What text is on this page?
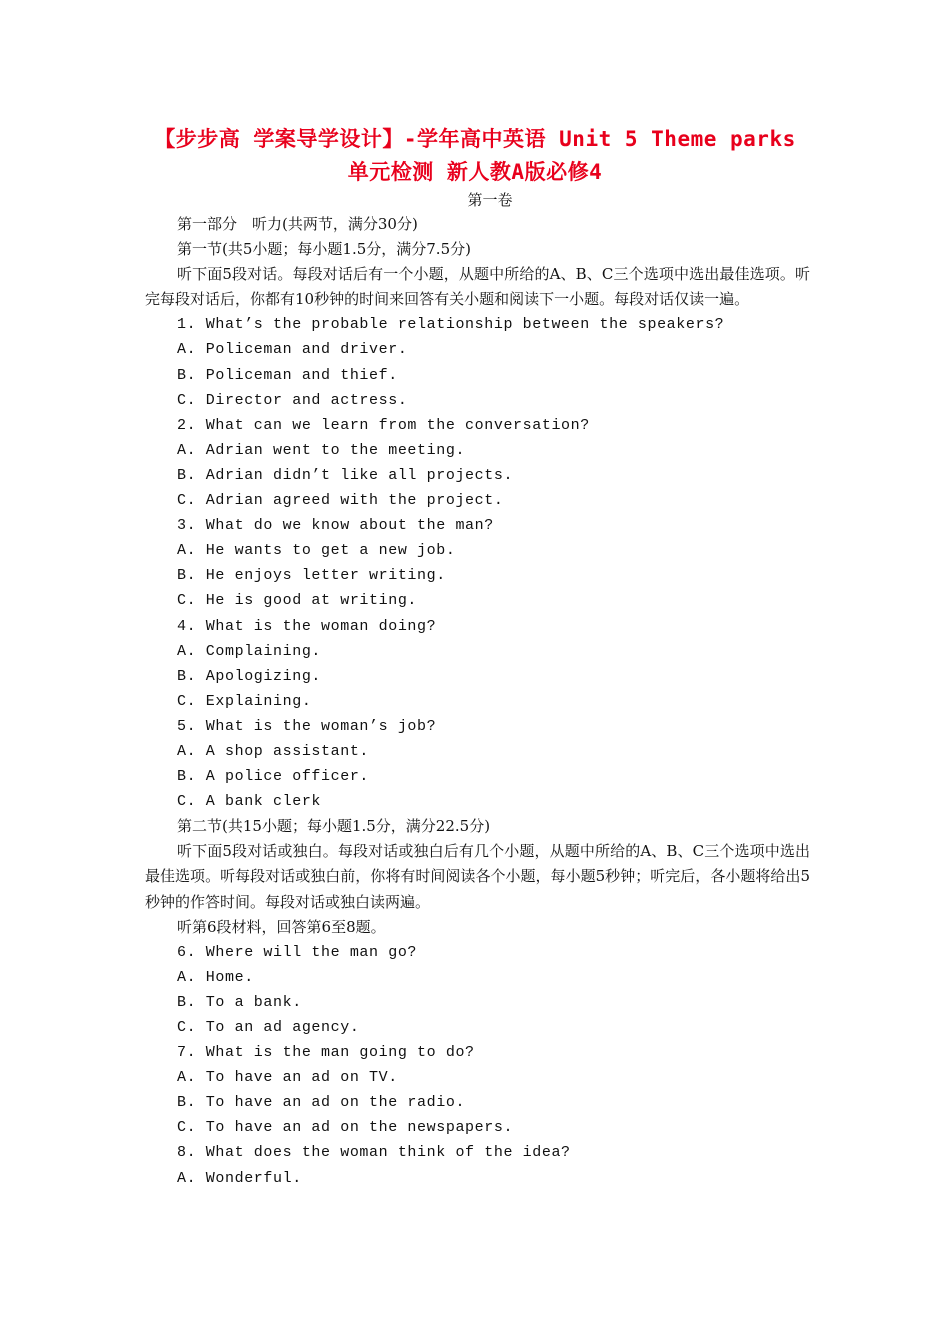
【步步高 学案导学设计】-学年高中英语 Unit 5 Theme parks
单元检测 新人教A版必修4
第一卷
第一部分　听力(共两节，满分30分)
第一节(共5小题；每小题1.5分，满分7.5分)
听下面5段对话。每段对话后有一个小题，从题中所给的A、B、C三个选项中选出最佳选项。听完每段对话后，你都有10秒钟的时间来回答有关小题和阅读下一小题。每段对话仅读一遍。
1. What’s the probable relationship between the speakers?
A. Policeman and driver.
B. Policeman and thief.
C. Director and actress.
2. What can we learn from the conversation?
A. Adrian went to the meeting.
B. Adrian didn’t like all projects.
C. Adrian agreed with the project.
3. What do we know about the man?
A. He wants to get a new job.
B. He enjoys letter writing.
C. He is good at writing.
4. What is the woman doing?
A. Complaining.
B. Apologizing.
C. Explaining.
5. What is the woman’s job?
A. A shop assistant.
B. A police officer.
C. A bank clerk
第二节(共15小题；每小题1.5分，满分22.5分)
听下面5段对话或独白。每段对话或独白后有几个小题，从题中所给的A、B、C三个选项中选出最佳选项。听每段对话或独白前，你将有时间阅读各个小题，每小题5秒钟；听完后，各小题将给出5秒钟的作答时间。每段对话或独白读两遍。
听第6段材料，回答第6至8题。
6. Where will the man go?
A. Home.
B. To a bank.
C. To an ad agency.
7. What is the man going to do?
A. To have an ad on TV.
B. To have an ad on the radio.
C. To have an ad on the newspapers.
8. What does the woman think of the idea?
A. Wonderful.
